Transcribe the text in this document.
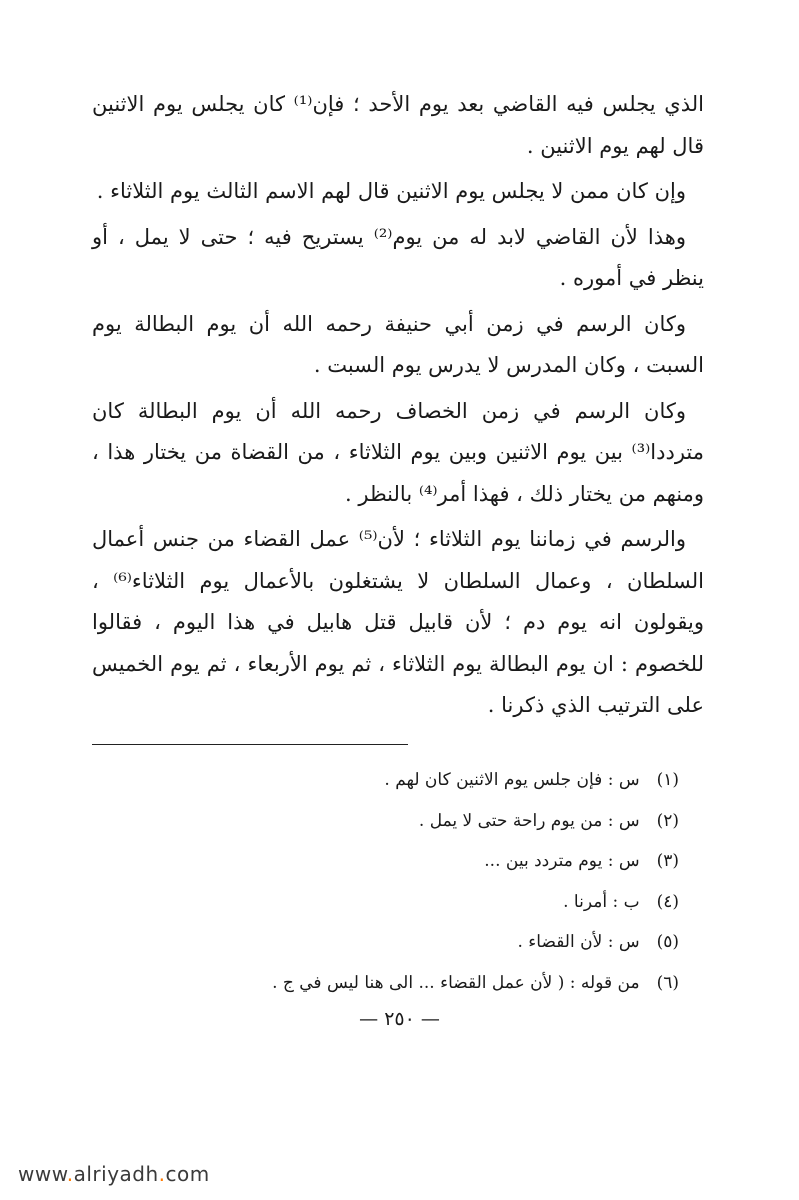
الذي يجلس فيه القاضي بعد يوم الأحد ؛ فإن⁽¹⁾ كان يجلس يوم الاثنين قال لهم يوم الاثنين .

وإن كان ممن لا يجلس يوم الاثنين قال لهم الاسم الثالث يوم الثلاثاء .

وهذا لأن القاضي لابد له من يوم⁽²⁾ يستريح فيه ؛ حتى لا يمل ، أو ينظر في أموره .

وكان الرسم في زمن أبي حنيفة رحمه الله أن يوم البطالة يوم السبت ، وكان المدرس لا يدرس يوم السبت .

وكان الرسم في زمن الخصاف رحمه الله أن يوم البطالة كان مترددا⁽³⁾ بين يوم الاثنين وبين يوم الثلاثاء ، من القضاة من يختار هذا ، ومنهم من يختار ذلك ، فهذا أمر⁽⁴⁾ بالنظر .

والرسم في زماننا يوم الثلاثاء ؛ لأن⁽⁵⁾ عمل القضاء من جنس أعمال السلطان ، وعمال السلطان لا يشتغلون بالأعمال يوم الثلاثاء⁽⁶⁾ ، ويقولون انه يوم دم ؛ لأن قابيل قتل هابيل في هذا اليوم ، فقالوا للخصوم : ان يوم البطالة يوم الثلاثاء ، ثم يوم الأربعاء ، ثم يوم الخميس على الترتيب الذي ذكرنا .

(١) س : فإن جلس يوم الاثنين كان لهم .

(٢) س : من يوم راحة حتى لا يمل .

(٣) س : يوم متردد بين ...

(٤) ب : أمرنا .

(٥) س : لأن القضاء .

(٦) من قوله : ( لأن عمل القضاء ... الى هنا ليس في ج .

— ٢٥٠ —
www.alriyadh.com
